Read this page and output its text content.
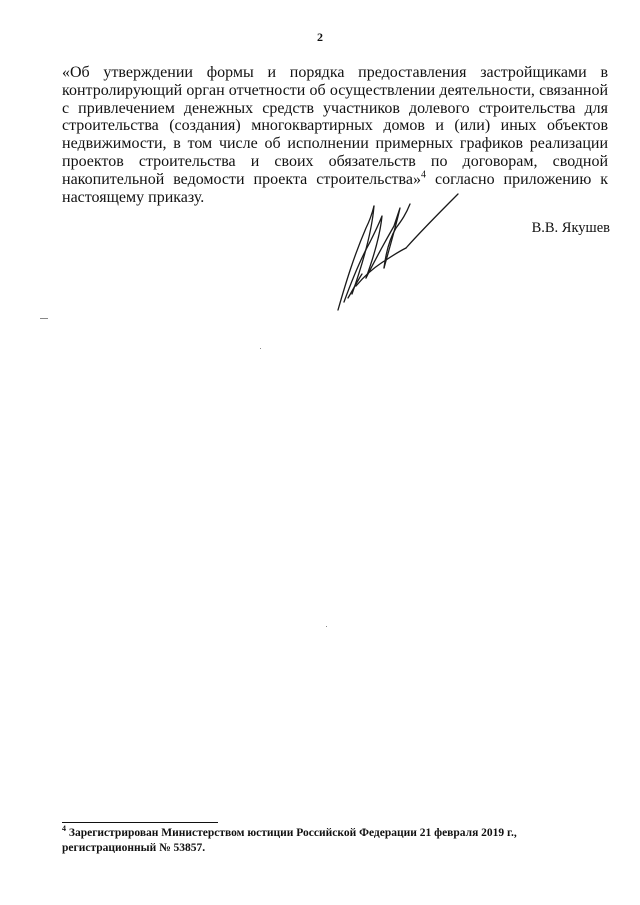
2
«Об утверждении формы и порядка предоставления застройщиками в контролирующий орган отчетности об осуществлении деятельности, связанной с привлечением денежных средств участников долевого строительства для строительства (создания) многоквартирных домов и (или) иных объектов недвижимости, в том числе об исполнении примерных графиков реализации проектов строительства и своих обязательств по договорам, сводной накопительной ведомости проекта строительства»$^4$ согласно приложению к настоящему приказу.
В.В. Якушев
$^4$ Зарегистрирован Министерством юстиции Российской Федерации 21 февраля 2019 г., регистрационный № 53857.
